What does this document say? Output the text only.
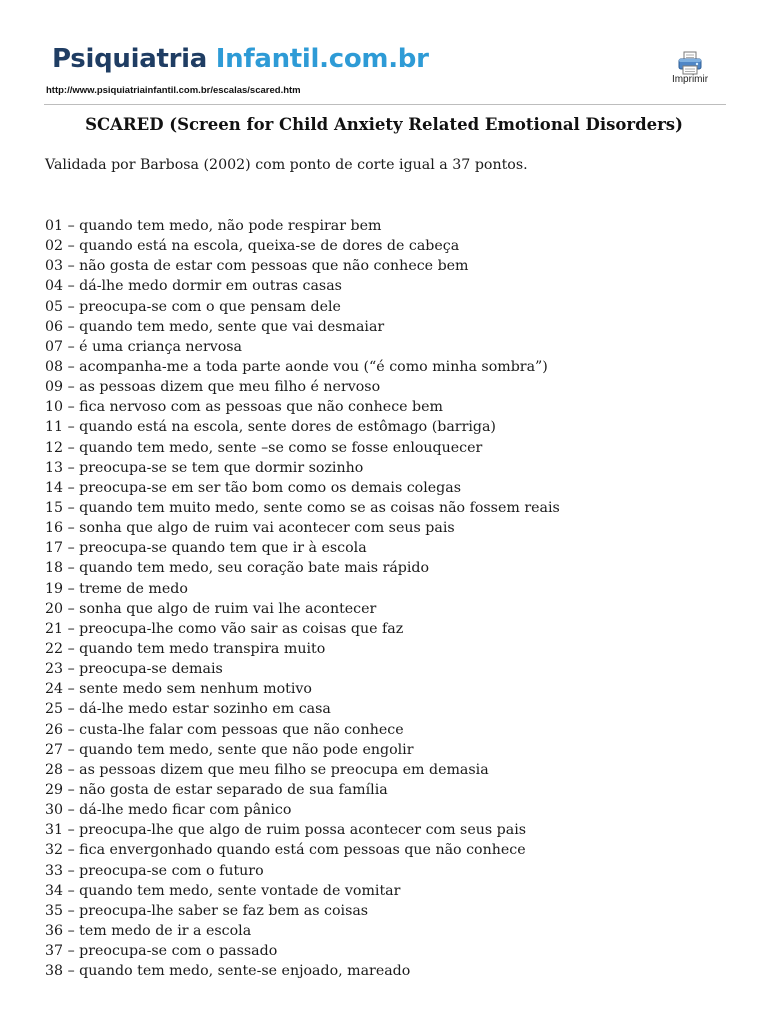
Psiquiatria Infantil.com.br
http://www.psiquiatriainfantil.com.br/escalas/scared.htm
Imprimir
SCARED (Screen for Child Anxiety Related Emotional Disorders)
Validada por Barbosa (2002) com ponto de corte igual a 37 pontos.
01 – quando tem medo, não pode respirar bem
02 – quando está na escola, queixa-se de dores de cabeça
03 – não gosta de estar com pessoas que não conhece bem
04 – dá-lhe medo dormir em outras casas
05 – preocupa-se com o que pensam dele
06 – quando tem medo, sente que vai desmaiar
07 – é uma criança nervosa
08 – acompanha-me a toda parte aonde vou (“é como minha sombra”)
09 – as pessoas dizem que meu filho é nervoso
10 – fica nervoso com as pessoas que não conhece bem
11 – quando está na escola, sente dores de estômago (barriga)
12 – quando tem medo, sente –se como se fosse enlouquecer
13 – preocupa-se se tem que dormir sozinho
14 – preocupa-se em ser tão bom como os demais colegas
15 – quando tem muito medo, sente como se as coisas não fossem reais
16 – sonha que algo de ruim vai acontecer com seus pais
17 – preocupa-se quando tem que ir à escola
18 – quando tem medo, seu coração bate mais rápido
19 – treme de medo
20 – sonha que algo de ruim vai lhe acontecer
21 – preocupa-lhe como vão sair as coisas que faz
22 – quando tem medo transpira muito
23 – preocupa-se demais
24 – sente medo sem nenhum motivo
25 – dá-lhe medo estar sozinho em casa
26 – custa-lhe falar com pessoas que não conhece
27 – quando tem medo, sente que não pode engolir
28 – as pessoas dizem que meu filho se preocupa em demasia
29 – não gosta de estar separado de sua família
30 – dá-lhe medo ficar com pânico
31 – preocupa-lhe que algo de ruim possa acontecer com seus pais
32 – fica envergonhado quando está com pessoas que não conhece
33 – preocupa-se com o futuro
34 – quando tem medo, sente vontade de vomitar
35 – preocupa-lhe saber se faz bem as coisas
36 – tem medo de ir a escola
37 – preocupa-se com o passado
38 – quando tem medo, sente-se enjoado, mareado
